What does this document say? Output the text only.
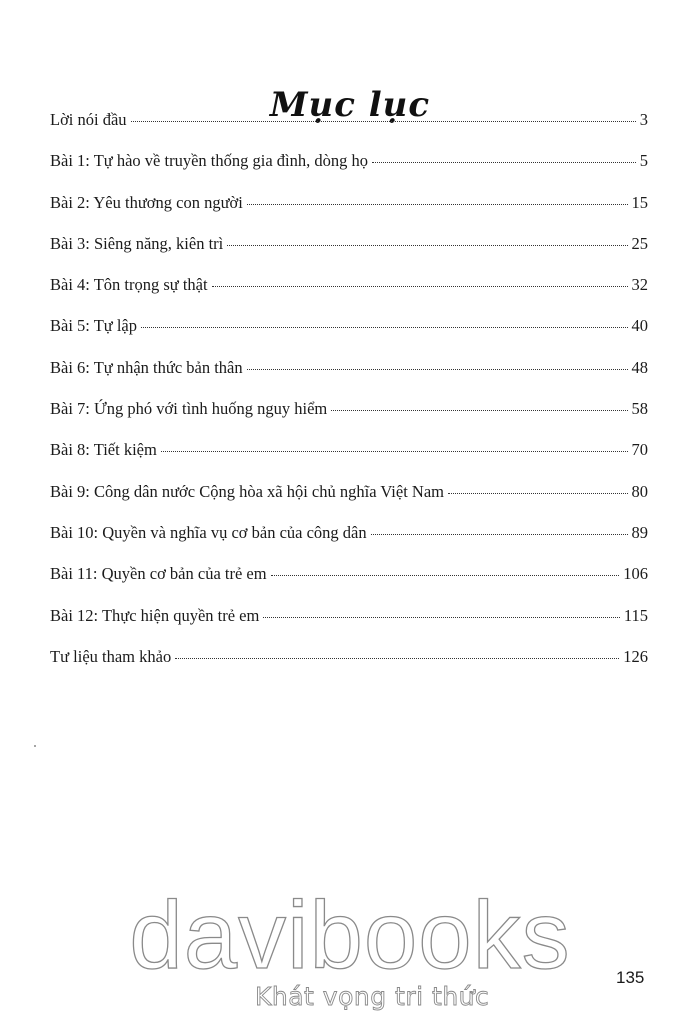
Mục lục
Lời nói đầu	3
Bài 1: Tự hào về truyền thống gia đình, dòng họ	5
Bài 2: Yêu thương con người	15
Bài 3: Siêng năng, kiên trì	25
Bài 4: Tôn trọng sự thật	32
Bài 5: Tự lập	40
Bài 6: Tự nhận thức bản thân	48
Bài 7: Ứng phó với tình huống nguy hiểm	58
Bài 8: Tiết kiệm	70
Bài 9: Công dân nước Cộng hòa xã hội chủ nghĩa Việt Nam	80
Bài 10: Quyền và nghĩa vụ cơ bản của công dân	89
Bài 11: Quyền cơ bản của trẻ em	106
Bài 12: Thực hiện quyền trẻ em	115
Tư liệu tham khảo	126
davibooks
Khát vọng tri thức
135
